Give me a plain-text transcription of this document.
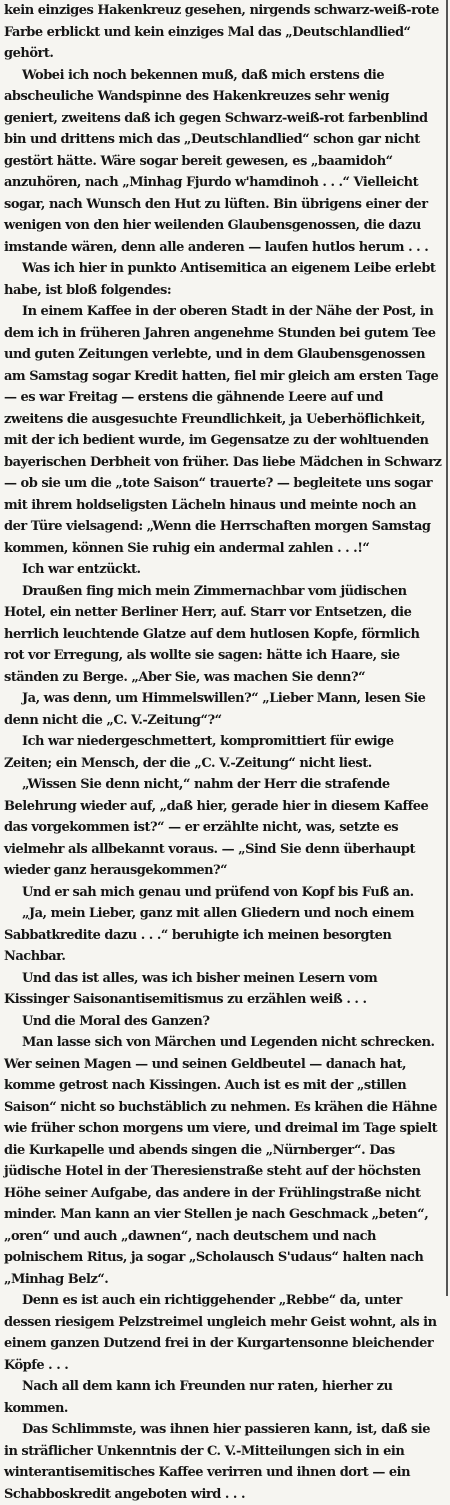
kein einziges Hakenkreuz gesehen, nirgends schwarz-weiß-rote Farbe erblickt und kein einziges Mal das „Deutschlandlied“ gehört.

Wobei ich noch bekennen muß, daß mich erstens die abscheuliche Wandspinne des Hakenkreuzes sehr wenig geniert, zweitens daß ich gegen Schwarz-weiß-rot farbenblind bin und drittens mich das „Deutschlandlied“ schon gar nicht gestört hätte. Wäre sogar bereit gewesen, es „baamidoh“ anzuhören, nach „Minhag Fjurdo w'hamdinoh . . .“ Vielleicht sogar, nach Wunsch den Hut zu lüften. Bin übrigens einer der wenigen von den hier weilenden Glaubensgenossen, die dazu imstande wären, denn alle anderen — laufen hutlos herum . . .

Was ich hier in punkto Antisemitica an eigenem Leibe erlebt habe, ist bloß folgendes:

In einem Kaffee in der oberen Stadt in der Nähe der Post, in dem ich in früheren Jahren angenehme Stunden bei gutem Tee und guten Zeitungen verlebte, und in dem Glaubensgenossen am Samstag sogar Kredit hatten, fiel mir gleich am ersten Tage — es war Freitag — erstens die gähnende Leere auf und zweitens die ausgesuchte Freundlichkeit, ja Ueberhöflichkeit, mit der ich bedient wurde, im Gegensatze zu der wohltuenden bayerischen Derbheit von früher. Das liebe Mädchen in Schwarz — ob sie um die „tote Saison“ trauerte? — begleitete uns sogar mit ihrem holdseligsten Lächeln hinaus und meinte noch an der Türe vielsagend: „Wenn die Herrschaften morgen Samstag kommen, können Sie ruhig ein andermal zahlen . . .!“

Ich war entzückt.

Draußen fing mich mein Zimmernachbar vom jüdischen Hotel, ein netter Berliner Herr, auf. Starr vor Entsetzen, die herrlich leuchtende Glatze auf dem hutlosen Kopfe, förmlich rot vor Erregung, als wollte sie sagen: hätte ich Haare, sie ständen zu Berge. „Aber Sie, was machen Sie denn?“

Ja, was denn, um Himmelswillen?“ „Lieber Mann, lesen Sie denn nicht die „C. V.-Zeitung“?“

Ich war niedergeschmettert, kompromittiert für ewige Zeiten; ein Mensch, der die „C. V.-Zeitung“ nicht liest.

„Wissen Sie denn nicht,“ nahm der Herr die strafende Belehrung wieder auf, „daß hier, gerade hier in diesem Kaffee das vorgekommen ist?“ — er erzählte nicht, was, setzte es vielmehr als allbekannt voraus. — „Sind Sie denn überhaupt wieder ganz herausgekommen?“

Und er sah mich genau und prüfend von Kopf bis Fuß an.

„Ja, mein Lieber, ganz mit allen Gliedern und noch einem Sabbatkredite dazu . . .“ beruhigte ich meinen besorgten Nachbar.

Und das ist alles, was ich bisher meinen Lesern vom Kissinger Saisonantisemitismus zu erzählen weiß . . .

Und die Moral des Ganzen?

Man lasse sich von Märchen und Legenden nicht schrecken. Wer seinen Magen — und seinen Geldbeutel — danach hat, komme getrost nach Kissingen. Auch ist es mit der „stillen Saison“ nicht so buchstäblich zu nehmen. Es krähen die Hähne wie früher schon morgens um viere, und dreimal im Tage spielt die Kurkapelle und abends singen die „Nürnberger“. Das jüdische Hotel in der Theresienstraße steht auf der höchsten Höhe seiner Aufgabe, das andere in der Frühlingstraße nicht minder. Man kann an vier Stellen je nach Geschmack „beten“, „oren“ und auch „dawnen“, nach deutschem und nach polnischem Ritus, ja sogar „Scholausch S'udaus“ halten nach „Minhag Belz“.

Denn es ist auch ein richtiggehender „Rebbe“ da, unter dessen riesigem Pelzstreimel ungleich mehr Geist wohnt, als in einem ganzen Dutzend frei in der Kurgartensonne bleichender Köpfe . . .

Nach all dem kann ich Freunden nur raten, hierher zu kommen.

Das Schlimmste, was ihnen hier passieren kann, ist, daß sie in sträflicher Unkenntnis der C. V.-Mitteilungen sich in ein winterantisemitisches Kaffee verirren und ihnen dort — ein Schabboskredit angeboten wird . . .
